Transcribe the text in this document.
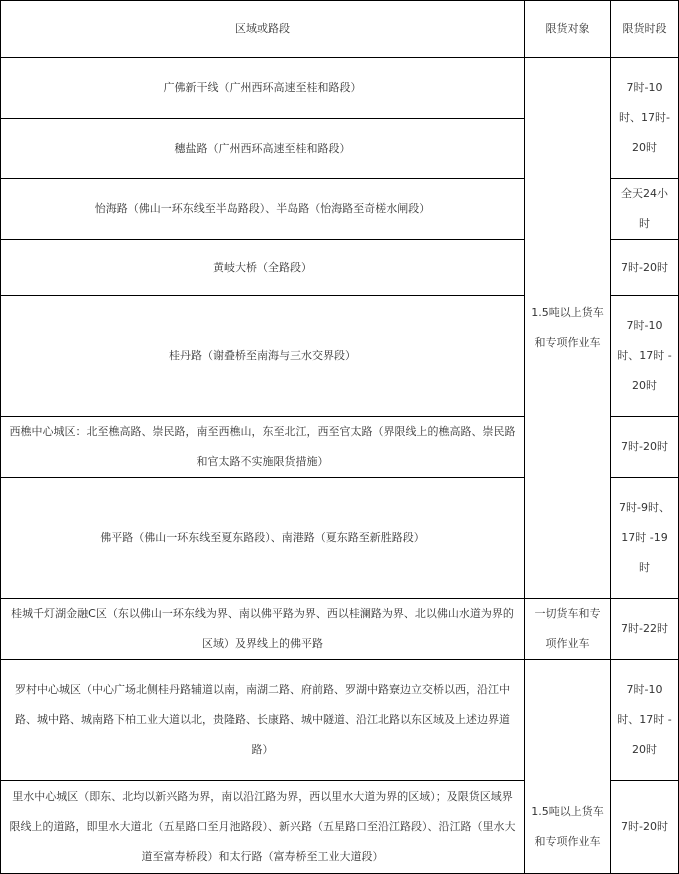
区域或路段	限货对象	限货时段
广佛新干线（广州西环高速至桂和路段）
穗盐路（广州西环高速至桂和路段）
怡海路（佛山一环东线至半岛路段）、半岛路（怡海路至奇槎水闸段）
黄岐大桥（全路段）
桂丹路（谢叠桥至南海与三水交界段）
西樵中心城区：北至樵高路、崇民路，南至西樵山，东至北江，西至官太路（界限线上的樵高路、崇民路和官太路不实施限货措施）
佛平路（佛山一环东线至夏东路段）、南港路（夏东路至新胜路段）
桂城千灯湖金融C区（东以佛山一环东线为界、南以佛平路为界、西以桂澜路为界、北以佛山水道为界的区域）及界线上的佛平路
罗村中心城区（中心广场北侧桂丹路辅道以南，南湖二路、府前路、罗湖中路寮边立交桥以西，沿江中路、城中路、城南路下柏工业大道以北，贵隆路、长康路、城中隧道、沿江北路以东区域及上述边界道路）
里水中心城区（即东、北均以新兴路为界，南以沿江路为界，西以里水大道为界的区域）；及限货区域界限线上的道路，即里水大道北（五星路口至月池路段）、新兴路（五星路口至沿江路段）、沿江路（里水大道至富寿桥段）和太行路（富寿桥至工业大道段）
1.5吨以上货车和专项作业车
一切货车和专项作业车
1.5吨以上货车和专项作业车
7时-10时、17时-20时
全天24小时
7时-20时
7时-10时、17时 -20时
7时-20时
7时-9时、17时 -19时
7时-22时
7时-10时、17时 -20时
7时-20时
